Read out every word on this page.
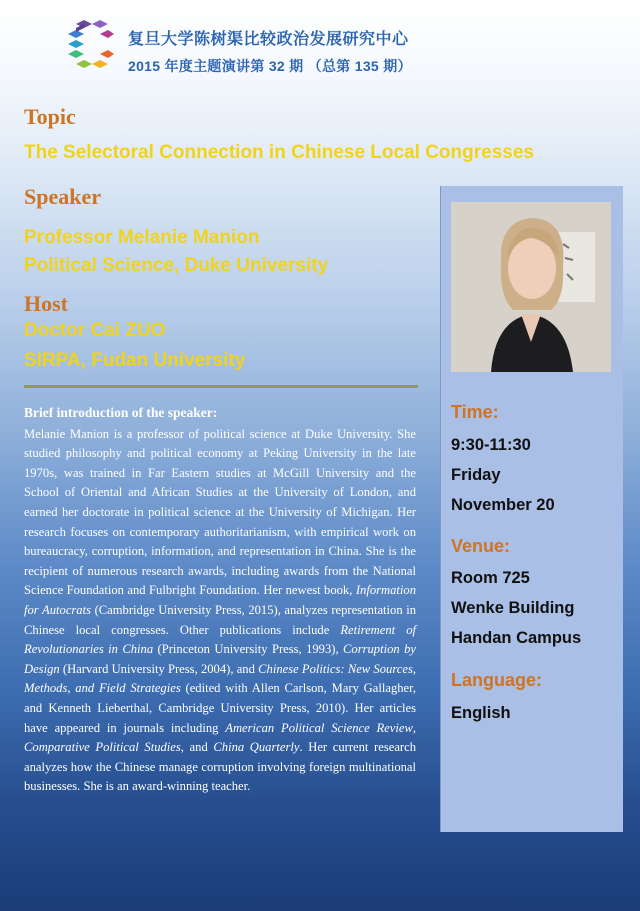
复旦大学陈树渠比较政治发展研究中心
2015 年度主题演讲第 32 期 （总第 135 期）
Topic
The Selectoral Connection in Chinese Local Congresses
Speaker
Professor Melanie Manion
Political Science, Duke University
Host
Doctor Cai ZUO
SIRPA, Fudan University
Brief introduction of the speaker:

Melanie Manion is a professor of political science at Duke University. She studied philosophy and political economy at Peking University in the late 1970s, was trained in Far Eastern studies at McGill University and the School of Oriental and African Studies at the University of London, and earned her doctorate in political science at the University of Michigan. Her research focuses on contemporary authoritarianism, with empirical work on bureaucracy, corruption, information, and representation in China. She is the recipient of numerous research awards, including awards from the National Science Foundation and Fulbright Foundation. Her newest book, Information for Autocrats (Cambridge University Press, 2015), analyzes representation in Chinese local congresses. Other publications include Retirement of Revolutionaries in China (Princeton University Press, 1993), Corruption by Design (Harvard University Press, 2004), and Chinese Politics: New Sources, Methods, and Field Strategies (edited with Allen Carlson, Mary Gallagher, and Kenneth Lieberthal, Cambridge University Press, 2010). Her articles have appeared in journals including American Political Science Review, Comparative Political Studies, and China Quarterly. Her current research analyzes how the Chinese manage corruption involving foreign multinational businesses. She is an award-winning teacher.

Time:
9:30-11:30
Friday
November 20
Venue:
Room 725
Wenke Building
Handan Campus
Language:
English
